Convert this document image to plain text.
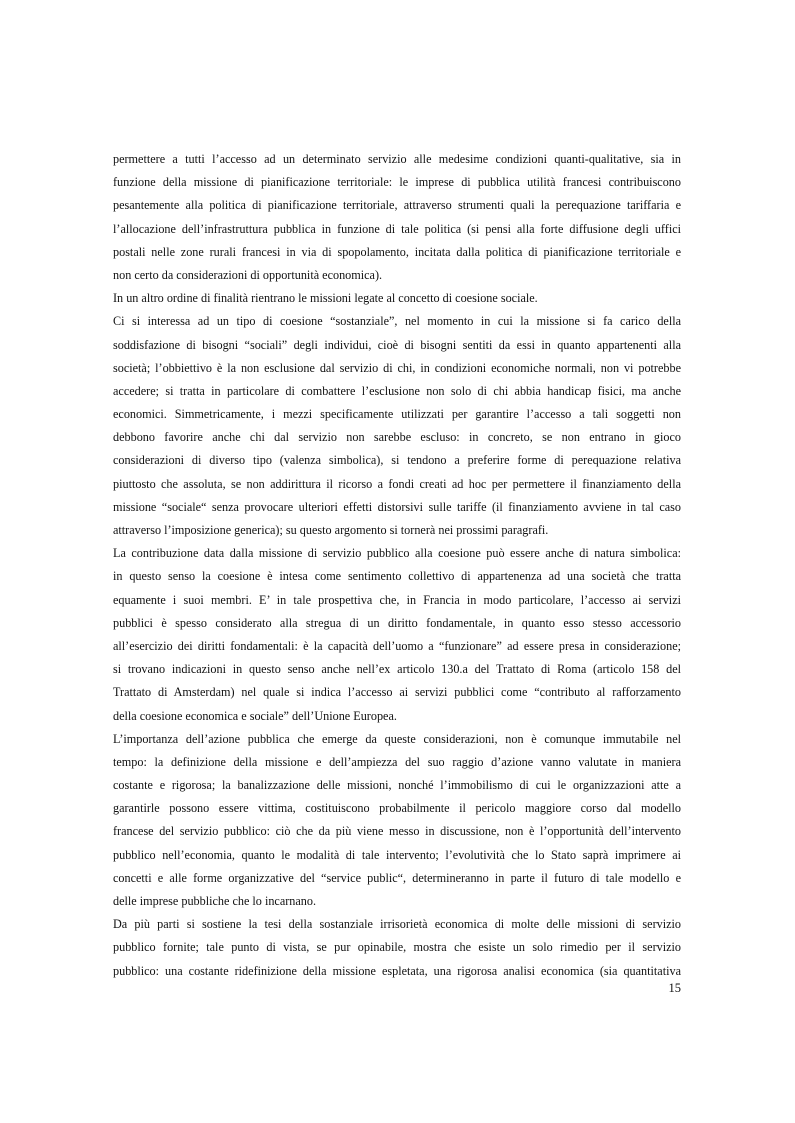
permettere a tutti l’accesso ad un determinato servizio alle medesime condizioni quanti-qualitative, sia in
funzione della missione di pianificazione territoriale: le imprese di pubblica utilità francesi contribuiscono
pesantemente alla politica di pianificazione territoriale, attraverso strumenti quali la perequazione tariffaria e
l’allocazione dell’infrastruttura pubblica in funzione di tale politica (si pensi alla forte diffusione degli uffici
postali nelle zone rurali francesi in via di spopolamento, incitata dalla politica di pianificazione territoriale e
non certo da considerazioni di opportunità economica).
In un altro ordine di finalità rientrano le missioni legate al concetto di coesione sociale.
Ci si interessa ad un tipo di coesione “sostanziale”, nel momento in cui la missione si fa carico della
soddisfazione di bisogni “sociali” degli individui, cioè di bisogni sentiti da essi in quanto appartenenti alla
società; l’obbiettivo è la non esclusione dal servizio di chi, in condizioni economiche normali, non vi potrebbe
accedere; si tratta in particolare di combattere l’esclusione non solo di chi abbia handicap fisici, ma anche
economici. Simmetricamente, i mezzi specificamente utilizzati per garantire l’accesso a tali soggetti non
debbono favorire anche chi dal servizio non sarebbe escluso: in concreto, se non entrano in gioco
considerazioni di diverso tipo (valenza simbolica), si tendono a preferire forme di perequazione relativa
piuttosto che assoluta, se non addirittura il ricorso a fondi creati ad hoc per permettere il finanziamento della
missione “sociale“ senza provocare ulteriori effetti distorsivi sulle tariffe (il finanziamento avviene in tal caso
attraverso l’imposizione generica); su questo argomento si tornerà nei prossimi paragrafi.
La contribuzione data dalla missione di servizio pubblico alla coesione può essere anche di natura simbolica:
in questo senso la coesione è intesa come sentimento collettivo di appartenenza ad una società che tratta
equamente i suoi membri. E’ in tale prospettiva che, in Francia in modo particolare, l’accesso ai servizi
pubblici è spesso considerato alla stregua di un diritto fondamentale, in quanto esso stesso accessorio
all’esercizio dei diritti fondamentali: è la capacità dell’uomo a “funzionare” ad essere presa in considerazione;
si trovano indicazioni in questo senso anche nell’ex articolo 130.a del Trattato di Roma (articolo 158 del
Trattato di Amsterdam) nel quale si indica l’accesso ai servizi pubblici come “contributo al rafforzamento
della coesione economica e sociale” dell’Unione Europea.
L’importanza dell’azione pubblica che emerge da queste considerazioni, non è comunque immutabile nel
tempo: la definizione della missione e dell’ampiezza del suo raggio d’azione vanno valutate in maniera
costante e rigorosa; la banalizzazione delle missioni, nonché l’immobilismo di cui le organizzazioni atte a
garantirle possono essere vittima, costituiscono probabilmente il pericolo maggiore corso dal modello
francese del servizio pubblico: ciò che da più viene messo in discussione, non è l’opportunità dell’intervento
pubblico nell’economia, quanto le modalità di tale intervento; l’evolutività che lo Stato saprà imprimere ai
concetti e alle forme organizzative del “service public“, determineranno in parte il futuro di tale modello e
delle imprese pubbliche che lo incarnano.
Da più parti si sostiene la tesi della sostanziale irrisorietà economica di molte delle missioni di servizio
pubblico fornite; tale punto di vista, se pur opinabile, mostra che esiste un solo rimedio per il servizio
pubblico: una costante ridefinizione della missione espletata, una rigorosa analisi economica (sia quantitativa
15
